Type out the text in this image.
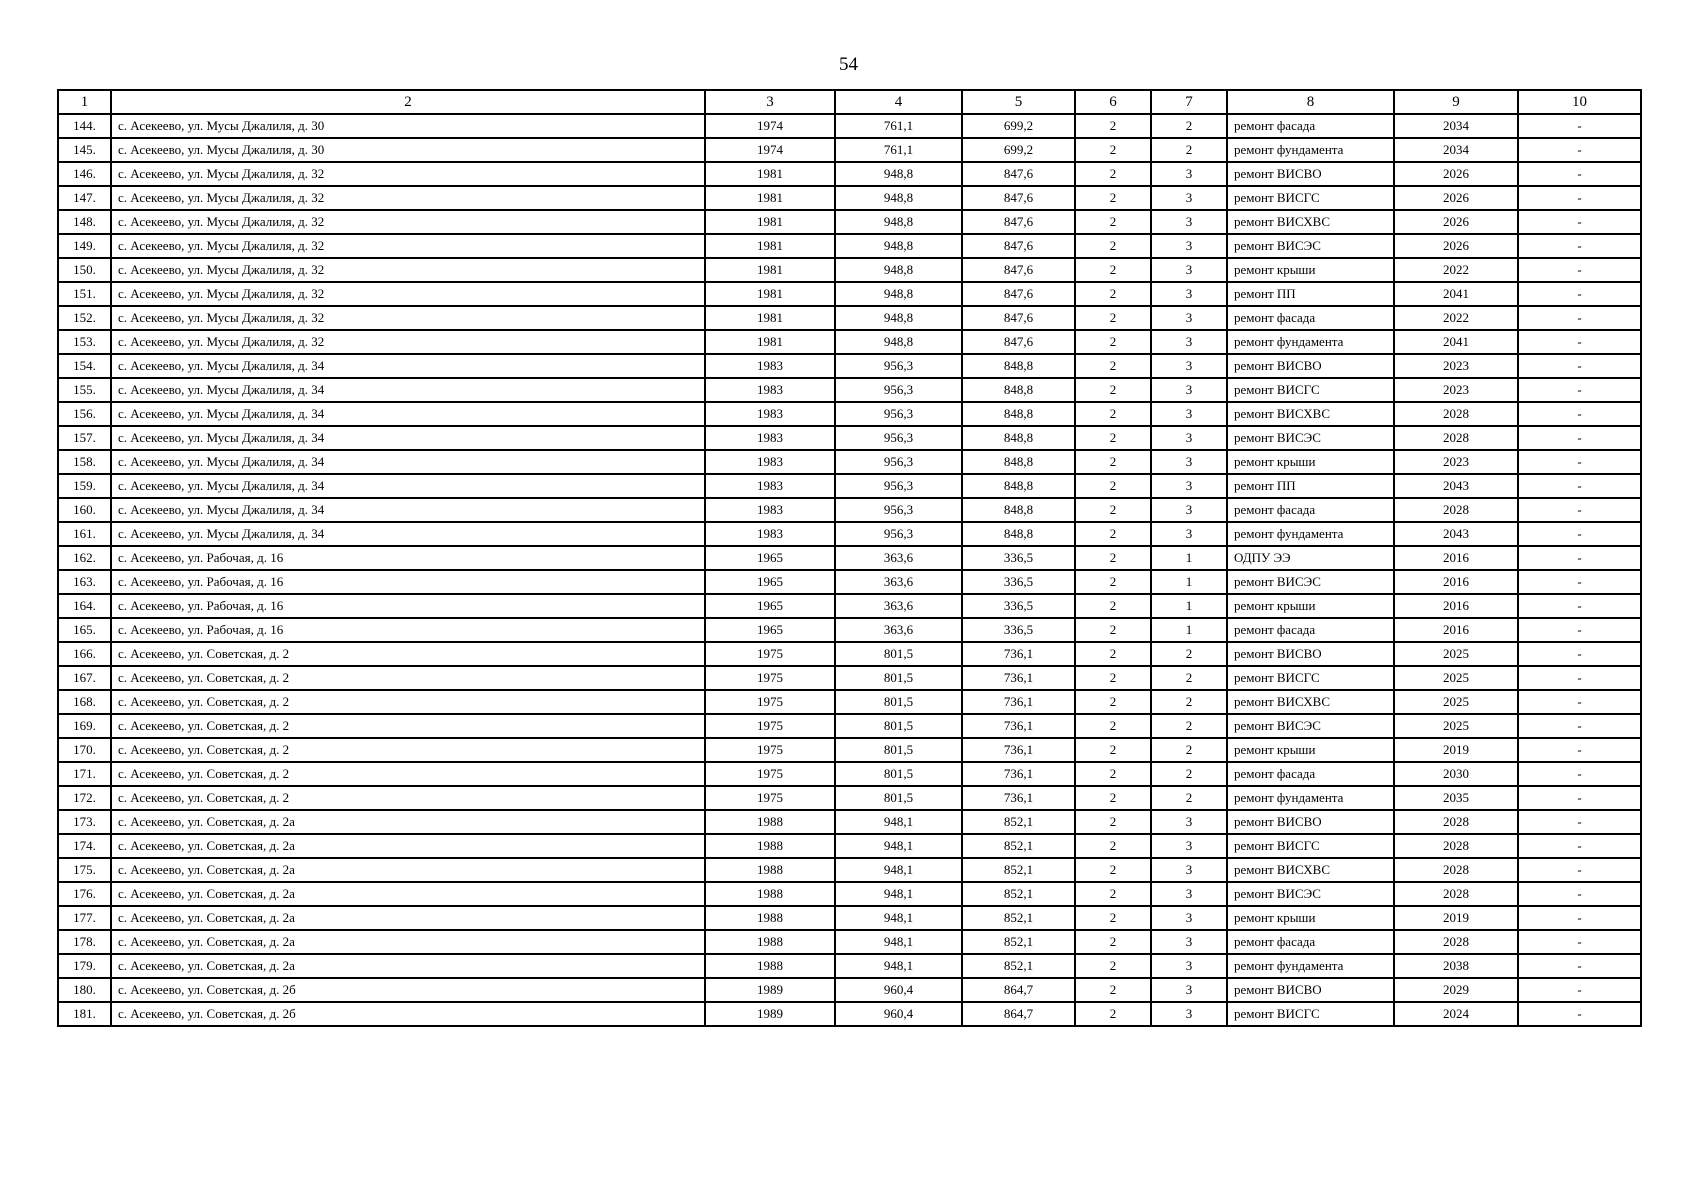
54
1	2	3	4	5	6	7	8	9	10
144.	с. Асекеево, ул. Мусы Джалиля, д. 30	1974	761,1	699,2	2	2	ремонт фасада	2034	-
145.	с. Асекеево, ул. Мусы Джалиля, д. 30	1974	761,1	699,2	2	2	ремонт фундамента	2034	-
146.	с. Асекеево, ул. Мусы Джалиля, д. 32	1981	948,8	847,6	2	3	ремонт ВИСВО	2026	-
147.	с. Асекеево, ул. Мусы Джалиля, д. 32	1981	948,8	847,6	2	3	ремонт ВИСГС	2026	-
148.	с. Асекеево, ул. Мусы Джалиля, д. 32	1981	948,8	847,6	2	3	ремонт ВИСХВС	2026	-
149.	с. Асекеево, ул. Мусы Джалиля, д. 32	1981	948,8	847,6	2	3	ремонт ВИСЭС	2026	-
150.	с. Асекеево, ул. Мусы Джалиля, д. 32	1981	948,8	847,6	2	3	ремонт крыши	2022	-
151.	с. Асекеево, ул. Мусы Джалиля, д. 32	1981	948,8	847,6	2	3	ремонт ПП	2041	-
152.	с. Асекеево, ул. Мусы Джалиля, д. 32	1981	948,8	847,6	2	3	ремонт фасада	2022	-
153.	с. Асекеево, ул. Мусы Джалиля, д. 32	1981	948,8	847,6	2	3	ремонт фундамента	2041	-
154.	с. Асекеево, ул. Мусы Джалиля, д. 34	1983	956,3	848,8	2	3	ремонт ВИСВО	2023	-
155.	с. Асекеево, ул. Мусы Джалиля, д. 34	1983	956,3	848,8	2	3	ремонт ВИСГС	2023	-
156.	с. Асекеево, ул. Мусы Джалиля, д. 34	1983	956,3	848,8	2	3	ремонт ВИСХВС	2028	-
157.	с. Асекеево, ул. Мусы Джалиля, д. 34	1983	956,3	848,8	2	3	ремонт ВИСЭС	2028	-
158.	с. Асекеево, ул. Мусы Джалиля, д. 34	1983	956,3	848,8	2	3	ремонт крыши	2023	-
159.	с. Асекеево, ул. Мусы Джалиля, д. 34	1983	956,3	848,8	2	3	ремонт ПП	2043	-
160.	с. Асекеево, ул. Мусы Джалиля, д. 34	1983	956,3	848,8	2	3	ремонт фасада	2028	-
161.	с. Асекеево, ул. Мусы Джалиля, д. 34	1983	956,3	848,8	2	3	ремонт фундамента	2043	-
162.	с. Асекеево, ул. Рабочая, д. 16	1965	363,6	336,5	2	1	ОДПУ ЭЭ	2016	-
163.	с. Асекеево, ул. Рабочая, д. 16	1965	363,6	336,5	2	1	ремонт ВИСЭС	2016	-
164.	с. Асекеево, ул. Рабочая, д. 16	1965	363,6	336,5	2	1	ремонт крыши	2016	-
165.	с. Асекеево, ул. Рабочая, д. 16	1965	363,6	336,5	2	1	ремонт фасада	2016	-
166.	с. Асекеево, ул. Советская, д. 2	1975	801,5	736,1	2	2	ремонт ВИСВО	2025	-
167.	с. Асекеево, ул. Советская, д. 2	1975	801,5	736,1	2	2	ремонт ВИСГС	2025	-
168.	с. Асекеево, ул. Советская, д. 2	1975	801,5	736,1	2	2	ремонт ВИСХВС	2025	-
169.	с. Асекеево, ул. Советская, д. 2	1975	801,5	736,1	2	2	ремонт ВИСЭС	2025	-
170.	с. Асекеево, ул. Советская, д. 2	1975	801,5	736,1	2	2	ремонт крыши	2019	-
171.	с. Асекеево, ул. Советская, д. 2	1975	801,5	736,1	2	2	ремонт фасада	2030	-
172.	с. Асекеево, ул. Советская, д. 2	1975	801,5	736,1	2	2	ремонт фундамента	2035	-
173.	с. Асекеево, ул. Советская, д. 2а	1988	948,1	852,1	2	3	ремонт ВИСВО	2028	-
174.	с. Асекеево, ул. Советская, д. 2а	1988	948,1	852,1	2	3	ремонт ВИСГС	2028	-
175.	с. Асекеево, ул. Советская, д. 2а	1988	948,1	852,1	2	3	ремонт ВИСХВС	2028	-
176.	с. Асекеево, ул. Советская, д. 2а	1988	948,1	852,1	2	3	ремонт ВИСЭС	2028	-
177.	с. Асекеево, ул. Советская, д. 2а	1988	948,1	852,1	2	3	ремонт крыши	2019	-
178.	с. Асекеево, ул. Советская, д. 2а	1988	948,1	852,1	2	3	ремонт фасада	2028	-
179.	с. Асекеево, ул. Советская, д. 2а	1988	948,1	852,1	2	3	ремонт фундамента	2038	-
180.	с. Асекеево, ул. Советская, д. 2б	1989	960,4	864,7	2	3	ремонт ВИСВО	2029	-
181.	с. Асекеево, ул. Советская, д. 2б	1989	960,4	864,7	2	3	ремонт ВИСГС	2024	-
